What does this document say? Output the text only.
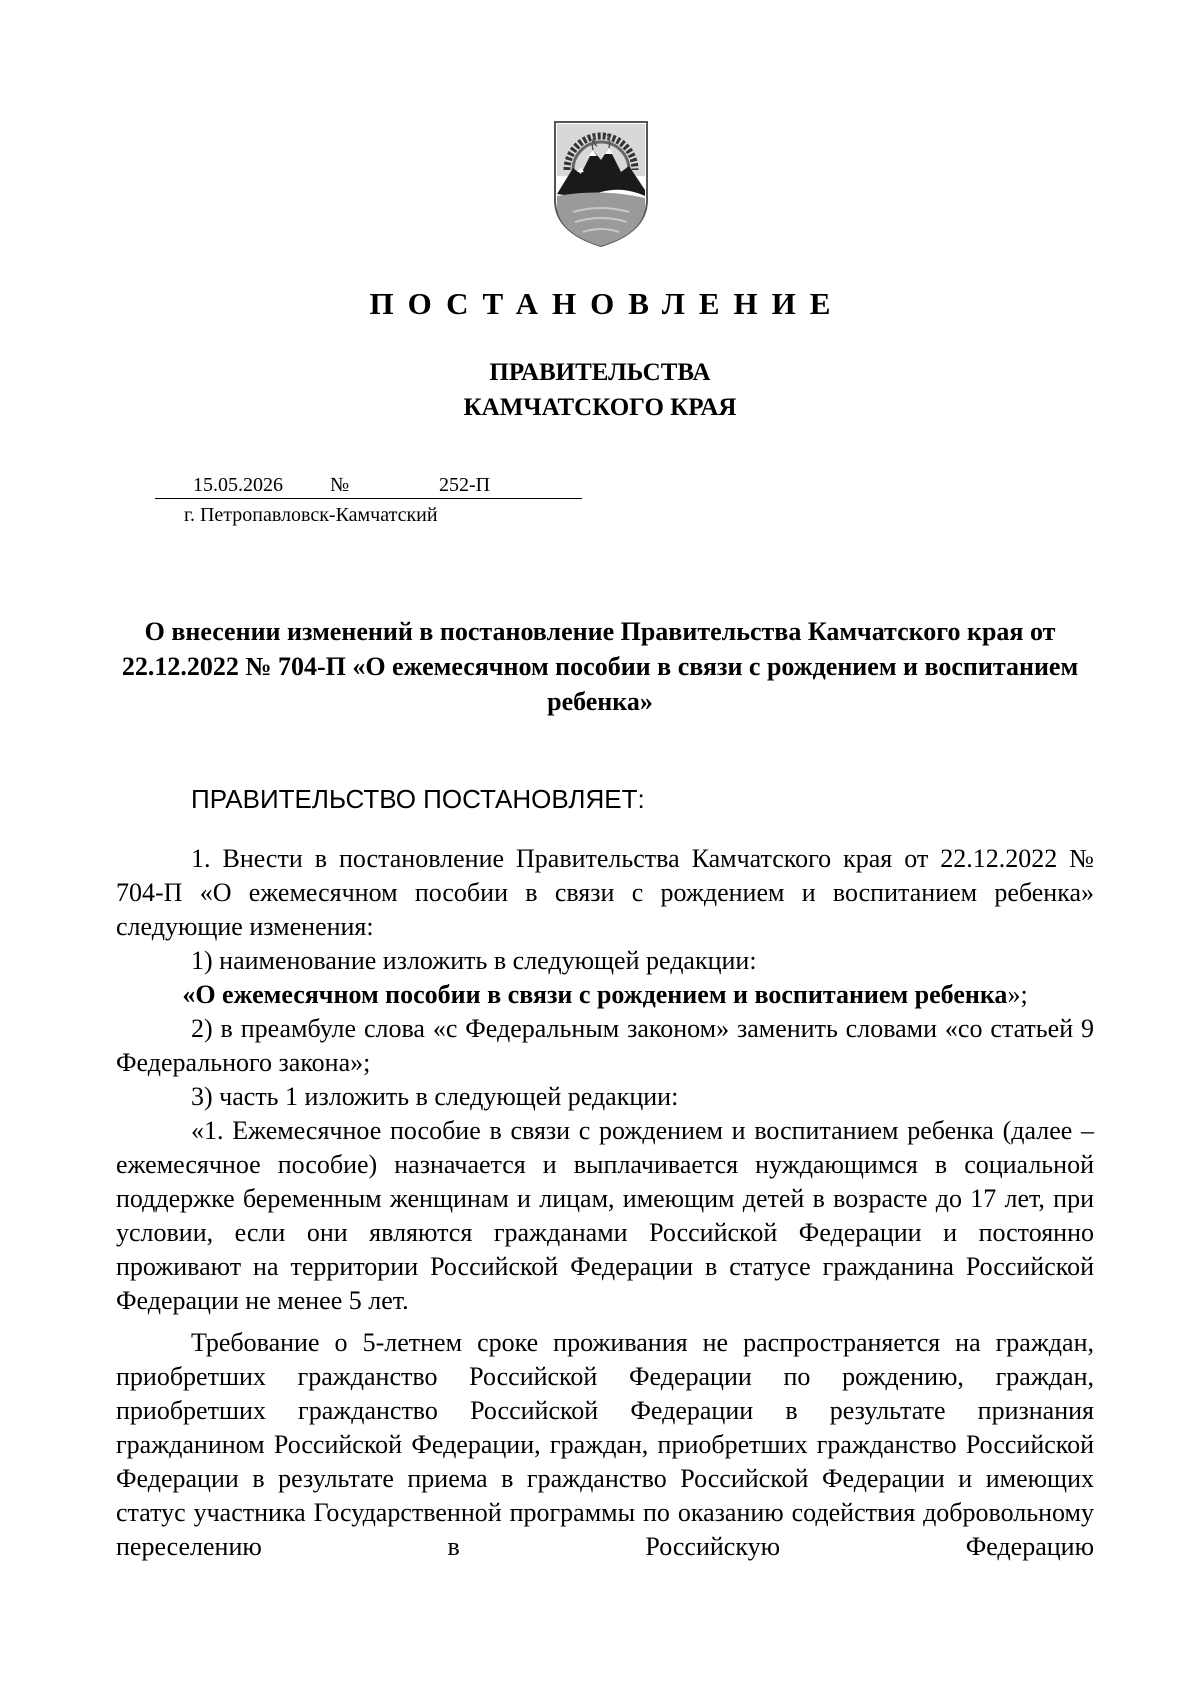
ПОСТАНОВЛЕНИЕ
ПРАВИТЕЛЬСТВА
КАМЧАТСКОГО КРАЯ
15.05.2026 №	252-П
г. Петропавловск-Камчатский
О внесении изменений в постановление Правительства Камчатского края от 22.12.2022 № 704-П «О ежемесячном пособии в связи с рождением и воспитанием ребенка»
ПРАВИТЕЛЬСТВО ПОСТАНОВЛЯЕТ:

1. Внести в постановление Правительства Камчатского края от 22.12.2022 № 704-П «О ежемесячном пособии в связи с рождением и воспитанием ребенка» следующие изменения:

1) наименование изложить в следующей редакции:

«О ежемесячном пособии в связи с рождением и воспитанием ребенка»;

2) в преамбуле слова «с Федеральным законом» заменить словами «со статьей 9 Федерального закона»;

3) часть 1 изложить в следующей редакции:

«1. Ежемесячное пособие в связи с рождением и воспитанием ребенка (далее – ежемесячное пособие) назначается и выплачивается нуждающимся в социальной поддержке беременным женщинам и лицам, имеющим детей в возрасте до 17 лет, при условии, если они являются гражданами Российской Федерации и постоянно проживают на территории Российской Федерации в статусе гражданина Российской Федерации не менее 5 лет.

Требование о 5-летнем сроке проживания не распространяется на граждан, приобретших гражданство Российской Федерации по рождению, граждан, приобретших гражданство Российской Федерации в результате признания гражданином Российской Федерации, граждан, приобретших гражданство Российской Федерации в результате приема в гражданство Российской Федерации и имеющих статус участника Государственной программы по оказанию содействия добровольному переселению в Российскую Федерацию
